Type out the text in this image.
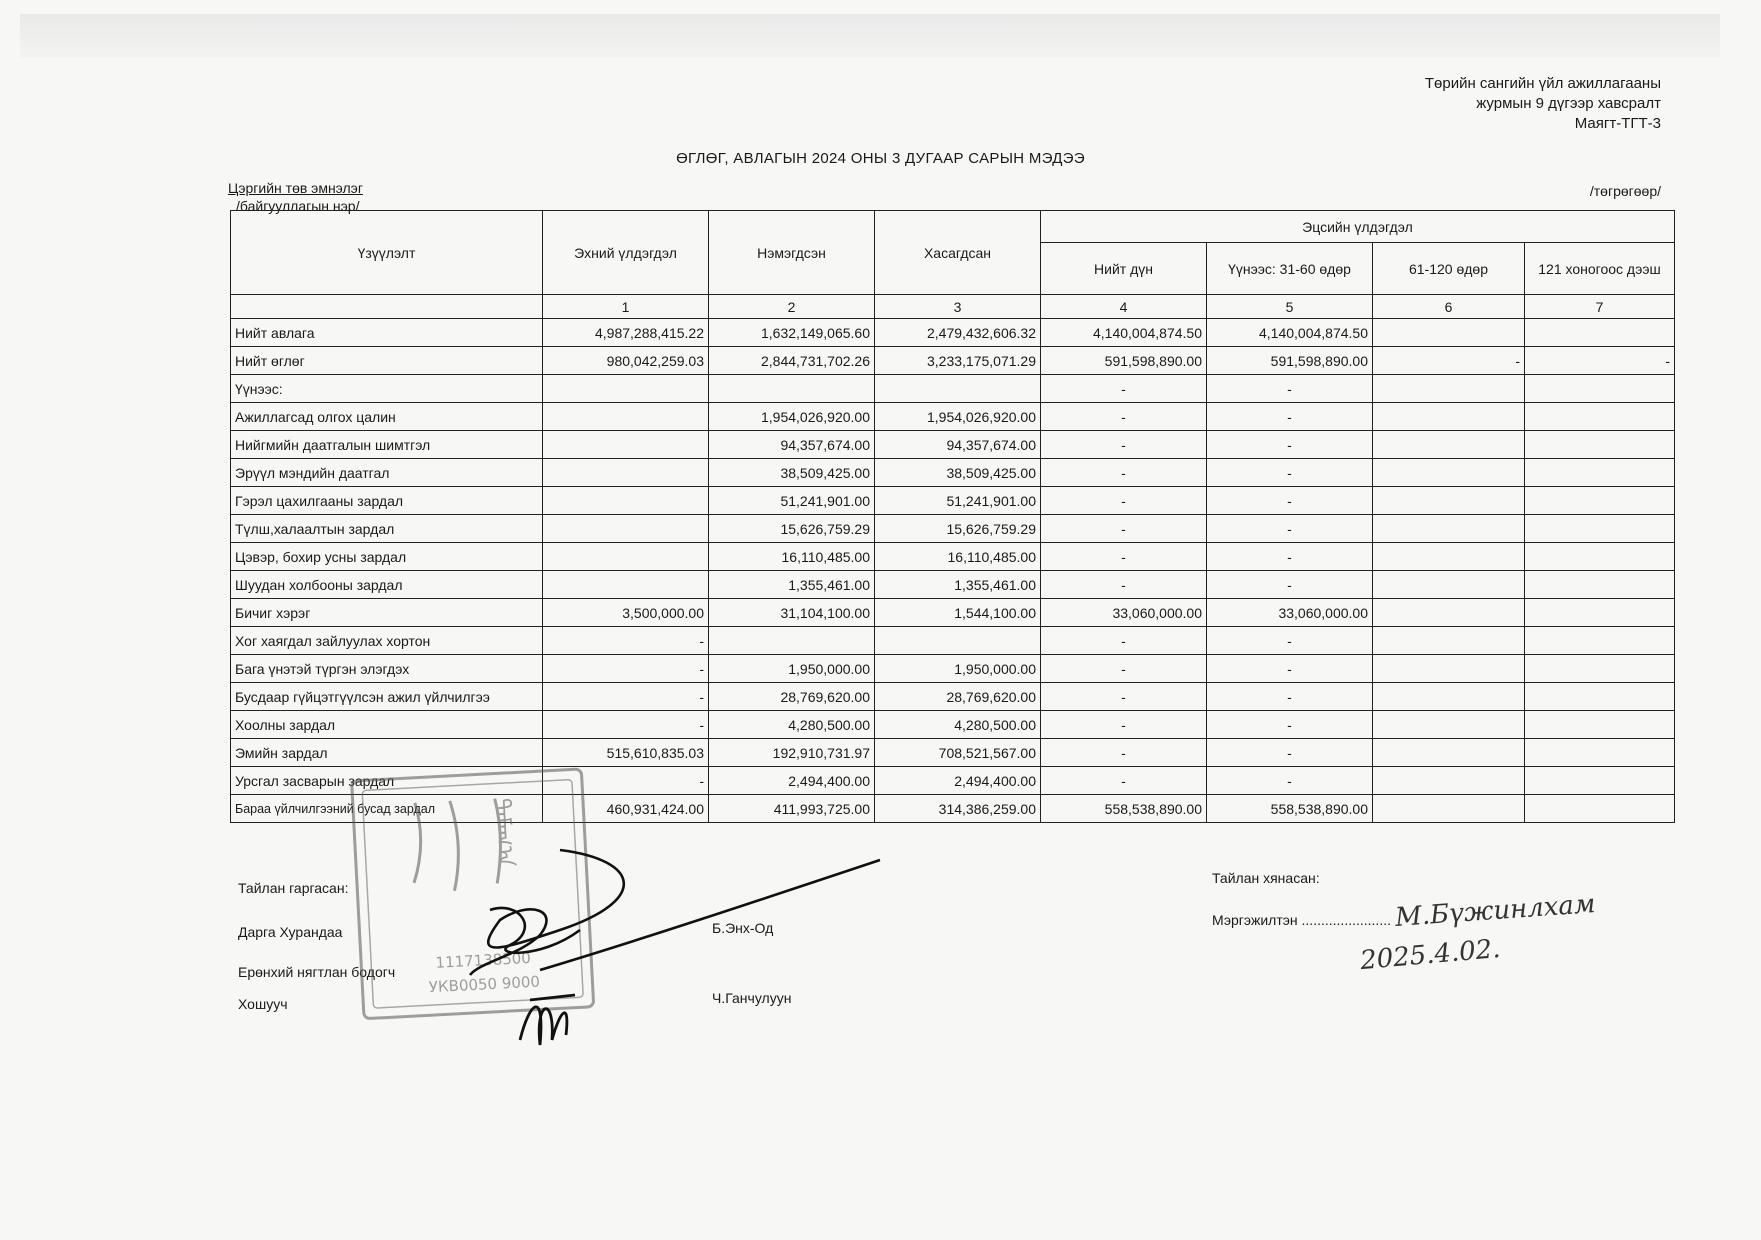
Төрийн сангийн үйл ажиллагааны
журмын 9 дүгээр хавсралт
Маягт-ТГТ-3
ӨГЛӨГ, АВЛАГЫН 2024 ОНЫ 3 ДУГААР САРЫН МЭДЭЭ
Цэргийн төв эмнэлэг
/байгууллагын нэр/
/төгрөгөөр/
Үзүүлэлт	Эхний үлдэгдэл	Нэмэгдсэн	Хасагдсан	Эцсийн үлдэгдэл			
				Нийт дүн	Үүнээс: 31-60 өдөр	61-120 өдөр	121 хоногоос дээш
	1	2	3	4	5	6	7
Нийт авлага	4,987,288,415.22	1,632,149,065.60	2,479,432,606.32	4,140,004,874.50	4,140,004,874.50		
Нийт өглөг	980,042,259.03	2,844,731,702.26	3,233,175,071.29	591,598,890.00	591,598,890.00	-	-
Үүнээс:				-	-		
Ажиллагсад олгох цалин		1,954,026,920.00	1,954,026,920.00	-	-		
Нийгмийн даатгалын шимтгэл		94,357,674.00	94,357,674.00	-	-		
Эрүүл мэндийн даатгал		38,509,425.00	38,509,425.00	-	-		
Гэрэл цахилгааны зардал		51,241,901.00	51,241,901.00	-	-		
Түлш,халаалтын зардал		15,626,759.29	15,626,759.29	-	-		
Цэвэр, бохир усны зардал		16,110,485.00	16,110,485.00	-	-		
Шуудан холбооны зардал		1,355,461.00	1,355,461.00	-	-		
Бичиг хэрэг	3,500,000.00	31,104,100.00	1,544,100.00	33,060,000.00	33,060,000.00		
Хог хаягдал зайлуулах хортон	-			-	-		
Бага үнэтэй түргэн элэгдэх	-	1,950,000.00	1,950,000.00	-	-		
Бусдаар гүйцэтгүүлсэн ажил үйлчилгээ	-	28,769,620.00	28,769,620.00	-	-		
Хоолны зардал	-	4,280,500.00	4,280,500.00	-	-		
Эмийн зардал	515,610,835.03	192,910,731.97	708,521,567.00	-	-		
Урсгал засварын зардал	-	2,494,400.00	2,494,400.00	-	-		
Бараа үйлчилгээний бусад зардал	460,931,424.00	411,993,725.00	314,386,259.00	558,538,890.00	558,538,890.00		
Тайлан гаргасан:
Дарга Хурандаа	Б.Энх-Од
Ерөнхий нягтлан бодогч
Хошууч	Ч.Ганчулуун
Тайлан хянасан:
Мэргэжилтэн ....................... М.Бүжинлхам
2025.4.02.
1117138500
УКВ0050 9000
ᠲᠠᠮᠠᠭ᠎ᠠ
